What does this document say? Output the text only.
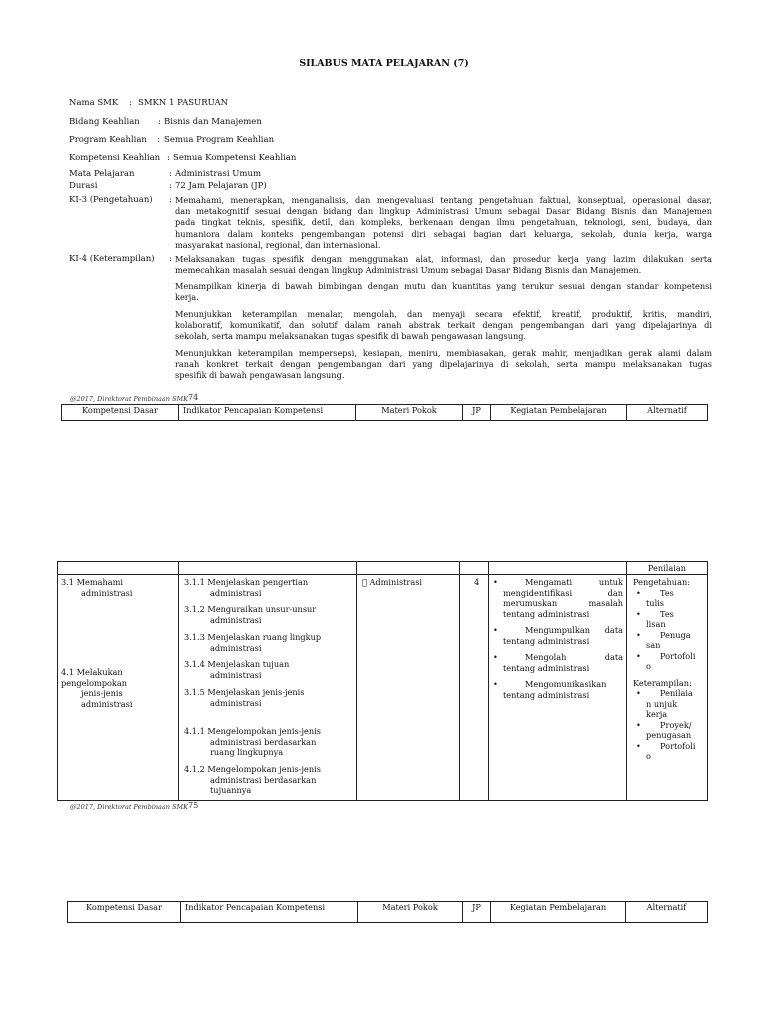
SILABUS MATA PELAJARAN (7)
Nama SMK : SMKN 1 PASURUAN
Bidang Keahlian : Bisnis dan Manajemen
Program Keahlian : Semua Program Keahlian
Kompetensi Keahlian : Semua Kompetensi Keahlian
Mata Pelajaran	: Administrasi Umum
Durasi	: 72 Jam Pelajaran (JP)
KI-3 (Pengetahuan) : Memahami, menerapkan, menganalisis, dan mengevaluasi tentang pengetahuan faktual, konseptual, operasional dasar,
dan metakognitif sesuai dengan bidang dan lingkup Administrasi Umum sebagai Dasar Bidang Bisnis dan Manajemen
pada tingkat teknis, spesifik, detil, dan kompleks, berkenaan dengan ilmu pengetahuan, teknologi, seni, budaya, dan
humaniora dalam konteks pengembangan potensi diri sebagai bagian dari keluarga, sekolah, dunia kerja, warga
masyarakat nasional, regional, dan internasional.
KI-4 (Keterampilan) : Melaksanakan tugas spesifik dengan menggunakan alat, informasi, dan prosedur kerja yang lazim dilakukan serta
memecahkan masalah sesuai dengan lingkup Administrasi Umum sebagai Dasar Bidang Bisnis dan Manajemen.
Menampilkan kinerja di bawah bimbingan dengan mutu dan kuantitas yang terukur sesuai dengan standar kompetensi
kerja.
Menunjukkan keterampilan menalar, mengolah, dan menyaji secara efektif, kreatif, produktif, kritis, mandiri,
kolaboratif, komunikatif, dan solutif dalam ranah abstrak terkait dengan pengembangan dari yang dipelajarinya di
sekolah, serta mampu melaksanakan tugas spesifik di bawah pengawasan langsung.
Menunjukkan keterampilan mempersepsi, kesiapan, meniru, membiasakan, gerak mahir, menjadikan gerak alami dalam
ranah konkret terkait dengan pengembangan dari yang dipelajarinya di sekolah, serta mampu melaksanakan tugas
spesifik di bawah pengawasan langsung.
@2017, Direktorat Pembinaan SMK 74
Kompetensi Dasar	Indikator Pencapaian Kompetensi	Materi Pokok	JP	Kegiatan Pembelajaran	Alternatif
					Penilaian

3.1 Memahami
administrasi
4.1 Melakukan
pengelompokan
jenis-jenis
administrasi
3.1.1 Menjelaskan pengertian
administrasi
3.1.2 Menguraikan unsur-unsur
administrasi
3.1.3 Menjelaskan ruang lingkup
administrasi
3.1.4 Menjelaskan tujuan
administrasi
3.1.5 Menjelaskan jenis-jenis
administrasi
4.1.1 Mengelompokan jenis-jenis
administrasi berdasarkan
ruang lingkupnya
4.1.2 Mengelompokan jenis-jenis
administrasi berdasarkan
tujuannya
Administrasi	4
•	Mengamati untuk
mengidentifikasi dan
merumuskan masalah
tentang administrasi
• Mengumpulkan data
tentang administrasi
• Mengolah data
tentang administrasi
• Mengomunikasikan
tentang administrasi
Pengetahuan:
• Tes
tulis
• Tes
lisan
• Penuga
san
• Portofoli
o
Keterampilan:
• Penilaia
n unjuk
kerja
• Proyek/
penugasan
• Portofoli
o
@2017, Direktorat Pembinaan SMK 75
Kompetensi Dasar	Indikator Pencapaian Kompetensi	Materi Pokok	JP	Kegiatan Pembelajaran	Alternatif
